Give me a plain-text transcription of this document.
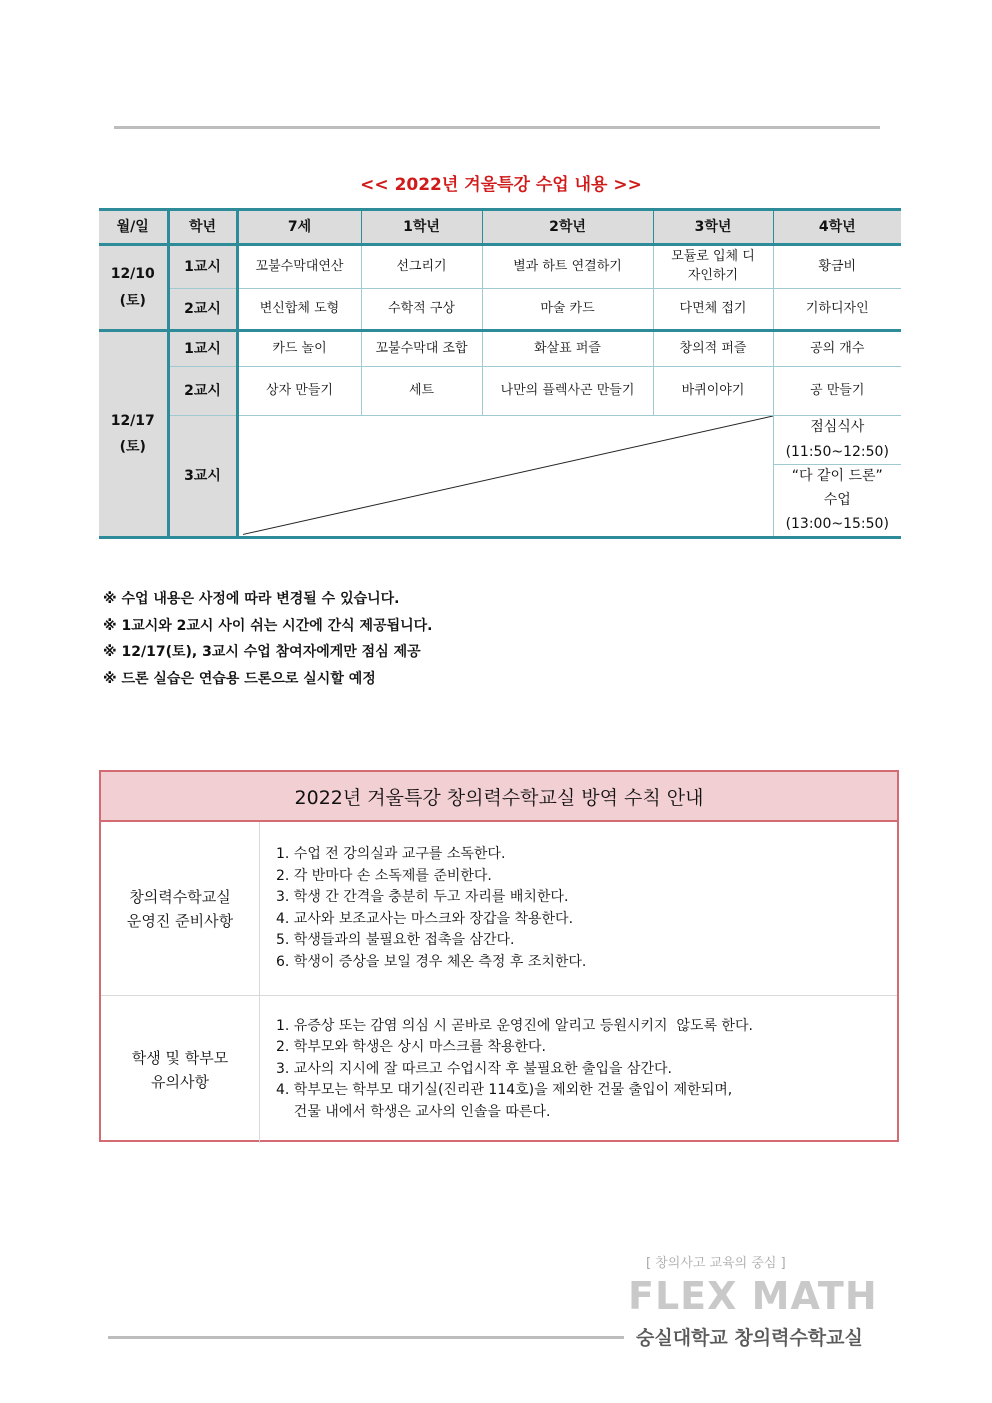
<< 2022년 겨울특강 수업 내용 >>
월/일	학년	7세	1학년	2학년	3학년	4학년
12/10
(토)	1교시	꼬불수막대연산	선그리기	별과 하트 연결하기	모듈로 입체 디자인하기	황금비
	2교시	변신합체 도형	수학적 구상	마술 카드	다면체 접기	기하디자인
12/17
(토)	1교시	카드 놀이	꼬불수막대 조합	화살표 퍼즐	창의적 퍼즐	공의 개수
	2교시	상자 만들기	세트	나만의 플렉사곤 만들기	바퀴이야기	공 만들기
	3교시					점심식사
(11:50~12:50)
“다 같이 드론”
수업
(13:00~15:50)
※ 수업 내용은 사정에 따라 변경될 수 있습니다.
※ 1교시와 2교시 사이 쉬는 시간에 간식 제공됩니다.
※ 12/17(토), 3교시 수업 참여자에게만 점심 제공
※ 드론 실습은 연습용 드론으로 실시할 예정
2022년 겨울특강 창의력수학교실 방역 수칙 안내
창의력수학교실
운영진 준비사항
1. 수업 전 강의실과 교구를 소독한다.
2. 각 반마다 손 소독제를 준비한다.
3. 학생 간 간격을 충분히 두고 자리를 배치한다.
4. 교사와 보조교사는 마스크와 장갑을 착용한다.
5. 학생들과의 불필요한 접촉을 삼간다.
6. 학생이 증상을 보일 경우 체온 측정 후 조치한다.
학생 및 학부모
유의사항
1. 유증상 또는 감염 의심 시 곧바로 운영진에 알리고 등원시키지  않도록 한다.
2. 학부모와 학생은 상시 마스크를 착용한다.
3. 교사의 지시에 잘 따르고 수업시작 후 불필요한 출입을 삼간다.
4. 학부모는 학부모 대기실(진리관 114호)을 제외한 건물 출입이 제한되며,
건물 내에서 학생은 교사의 인솔을 따른다.
[ 창의사고 교육의 중심 ]
FLEX MATH
숭실대학교 창의력수학교실
